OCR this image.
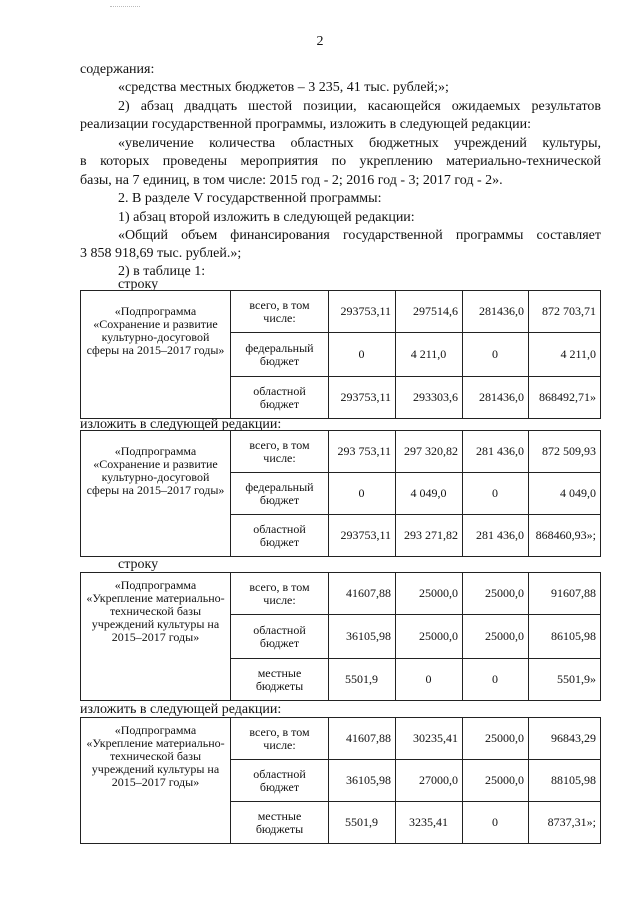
2
содержания:
«средства местных бюджетов – 3 235, 41 тыс. рублей;»;
2) абзац двадцать шестой позиции, касающейся ожидаемых результатов
реализации государственной программы, изложить в следующей редакции:
«увеличение количества областных бюджетных учреждений культуры,
в которых проведены мероприятия по укреплению материально-технической
базы, на 7 единиц, в том числе: 2015 год - 2; 2016 год - 3; 2017 год - 2».
2. В разделе V государственной программы:
1) абзац второй изложить в следующей редакции:
«Общий объем финансирования государственной программы составляет
3 858 918,69 тыс. рублей.»;
2) в таблице 1:
строку
«Подпрограмма «Сохранение и развитие культурно-досуговой сферы на 2015–2017 годы»	всего, в том числе:	293753,11	297514,6	281436,0	872 703,71
	федеральный бюджет	0	4 211,0	0	4 211,0
	областной бюджет	293753,11	293303,6	281436,0	868492,71»
изложить в следующей редакции:
«Подпрограмма «Сохранение и развитие культурно-досуговой сферы на 2015–2017 годы»	всего, в том числе:	293 753,11	297 320,82	281 436,0	872 509,93
	федеральный бюджет	0	4 049,0	0	4 049,0
	областной бюджет	293753,11	293 271,82	281 436,0	868460,93»;
строку
«Подпрограмма «Укрепление материально-технической базы учреждений культуры на 2015–2017 годы»	всего, в том числе:	41607,88	25000,0	25000,0	91607,88
	областной бюджет	36105,98	25000,0	25000,0	86105,98
	местные бюджеты	5501,9	0	0	5501,9»
изложить в следующей редакции:
«Подпрограмма «Укрепление материально-технической базы учреждений культуры на 2015–2017 годы»	всего, в том числе:	41607,88	30235,41	25000,0	96843,29
	областной бюджет	36105,98	27000,0	25000,0	88105,98
	местные бюджеты	5501,9	3235,41	0	8737,31»;
